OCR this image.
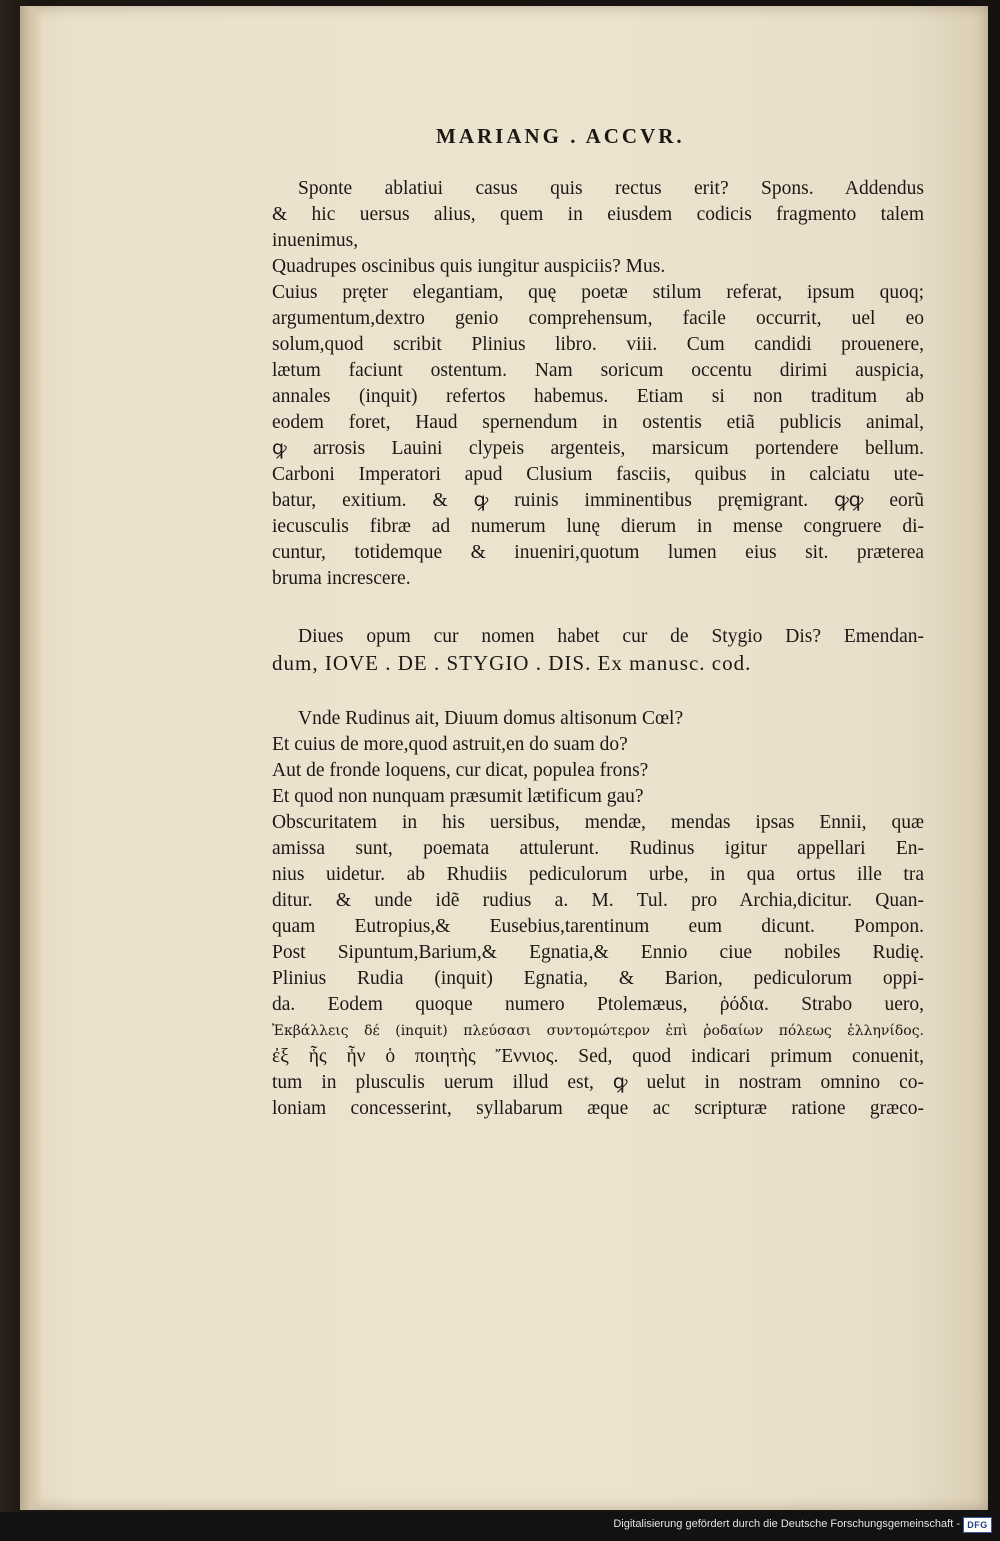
MARIANG . ACCVR.
Sponte ablatiui casus quis rectus erit? Spons. Addendus
& hic uersus alius, quem in eiusdem codicis fragmento talem
inuenimus,
Quadrupes oscinibus quis iungitur auspiciis? Mus.
Cuius pręter elegantiam, quę poetæ stilum referat, ipsum quoq;
argumentum,dextro genio comprehensum, facile occurrit, uel eo
solum,quod scribit Plinius libro. viii. Cum candidi prouenere,
lætum faciunt ostentum. Nam soricum occentu dirimi auspicia,
annales (inquit) refertos habemus. Etiam si non traditum ab
eodem foret, Haud spernendum in ostentis etiã publicis animal,
ꝙ arrosis Lauini clypeis argenteis, marsicum portendere bellum.
Carboni Imperatori apud Clusium fasciis, quibus in calciatu ute-
batur, exitium. & ꝙ ruinis imminentibus pręmigrant. ꝙꝙ eorũ
iecusculis fibræ ad numerum lunę dierum in mense congruere di-
cuntur, totidemque & inueniri,quotum lumen eius sit. præterea
bruma increscere.
Diues opum cur nomen habet cur de Stygio Dis? Emendan-
dum, IOVE . DE . STYGIO . DIS. Ex manusc. cod.
Vnde Rudinus ait, Diuum domus altisonum Cœl?
Et cuius de more,quod astruit,en do suam do?
Aut de fronde loquens, cur dicat, populea frons?
Et quod non nunquam præsumit lætificum gau?
Obscuritatem in his uersibus, mendæ, mendas ipsas Ennii, quæ
amissa sunt, poemata attulerunt. Rudinus igitur appellari En-
nius uidetur. ab Rhudiis pediculorum urbe, in qua ortus ille tra
ditur. & unde idẽ rudius a. M. Tul. pro Archia,dicitur. Quan-
quam Eutropius,& Eusebius,tarentinum eum dicunt. Pompon.
Post Sipuntum,Barium,& Egnatia,& Ennio ciue nobiles Rudię.
Plinius Rudia (inquit) Egnatia, & Barion, pediculorum oppi-
da. Eodem quoque numero Ptolemæus, ῥόδια. Strabo uero,
Ἐκβάλλεις δέ (inquit) πλεύσασι συντομώτερον ἐπὶ ῥοδαίων πόλεως ἑλληνίδος.
ἐξ ἧς ἦν ὁ ποιητὴς Ἔννιος. Sed, quod indicari primum conuenit,
tum in plusculis uerum illud est, ꝙ uelut in nostram omnino co-
loniam concesserint, syllabarum æque ac scripturæ ratione græco-
Digitalisierung gefördert durch die Deutsche Forschungsgemeinschaft - DFG
